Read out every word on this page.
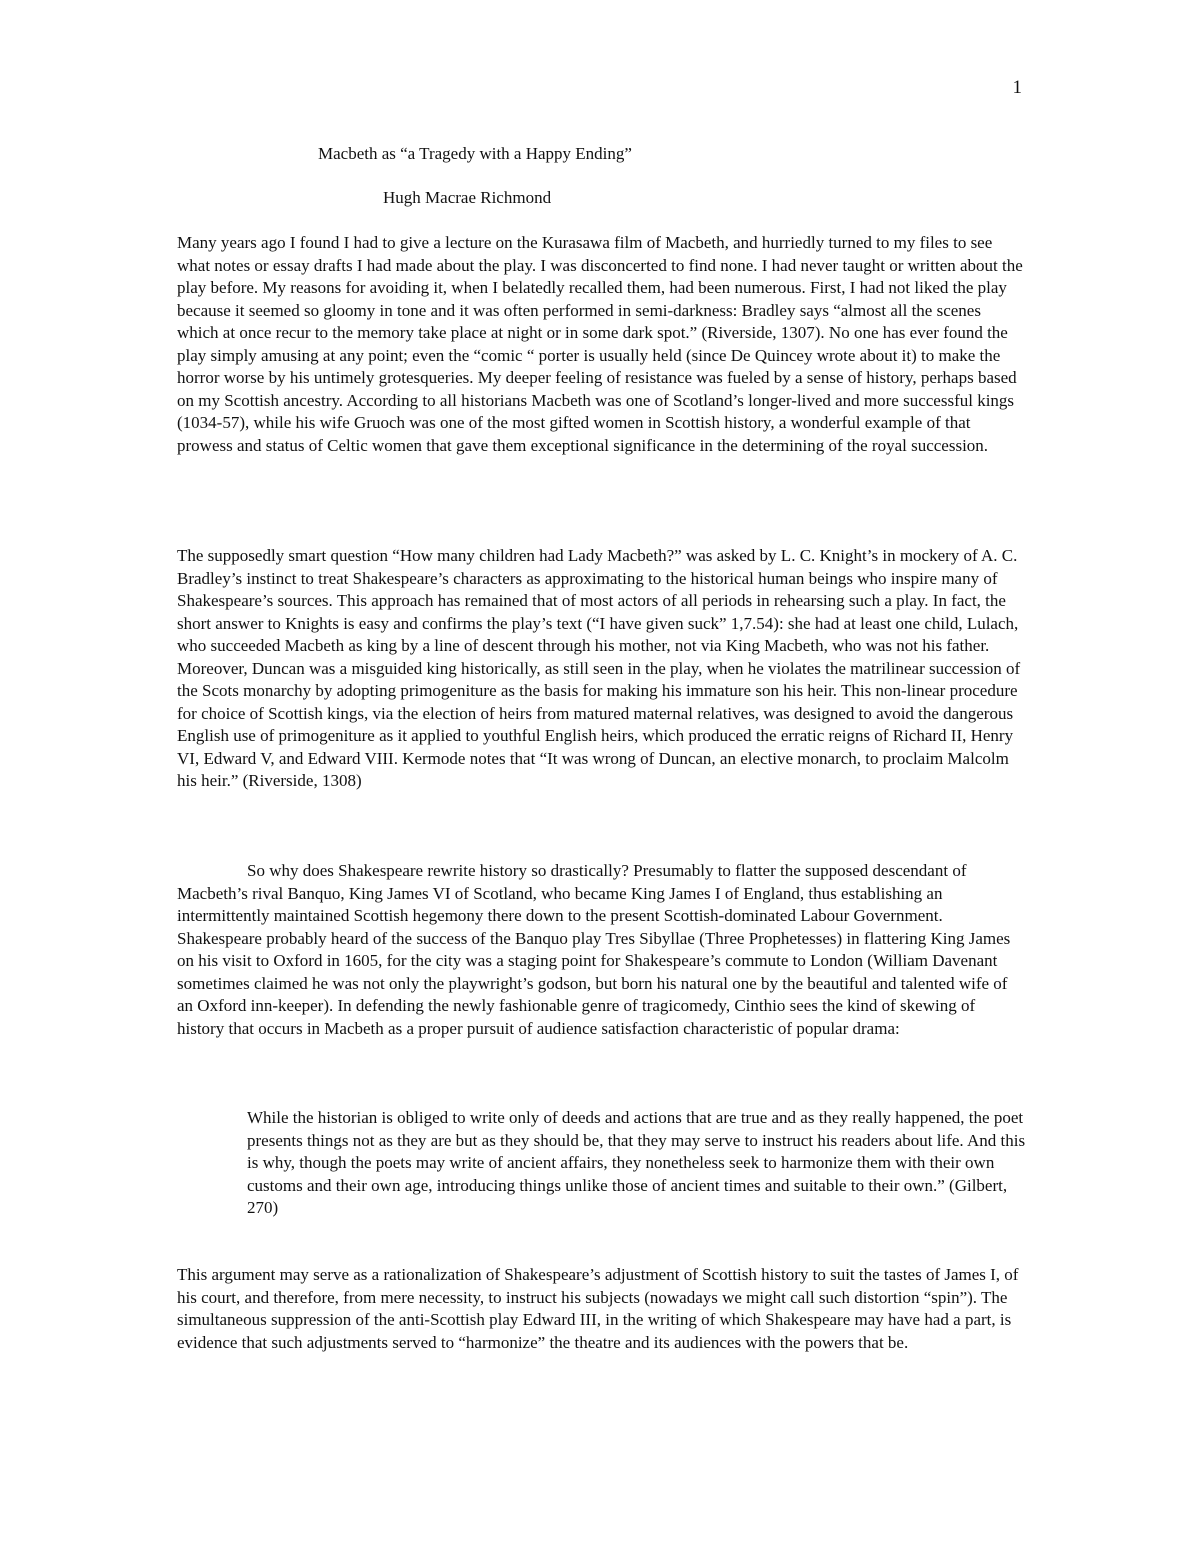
1
Macbeth as “a Tragedy with a Happy Ending”
Hugh Macrae Richmond

Many years ago I found I had to give a lecture on the Kurasawa film of Macbeth, and hurriedly turned to my files to see what notes or essay drafts I had made about the play. I was disconcerted to find none. I had never taught or written about the play before. My reasons for avoiding it, when I belatedly recalled them, had been numerous. First, I had not liked the play because it seemed so gloomy in tone and it was often performed in semi-darkness: Bradley says “almost all the scenes which at once recur to the memory take place at night or in some dark spot.” (Riverside, 1307). No one has ever found the play simply amusing at any point; even the “comic “ porter is usually held (since De Quincey wrote about it) to make the horror worse by his untimely grotesqueries. My deeper feeling of resistance was fueled by a sense of history, perhaps based on my Scottish ancestry. According to all historians Macbeth was one of Scotland’s longer-lived and more successful kings (1034-57), while his wife Gruoch was one of the most gifted women in Scottish history, a wonderful example of that prowess and status of Celtic women that gave them exceptional significance in the determining of the royal succession.

The supposedly smart question “How many children had Lady Macbeth?” was asked by L. C. Knight’s in mockery of A. C. Bradley’s instinct to treat Shakespeare’s characters as approximating to the historical human beings who inspire many of Shakespeare’s sources. This approach has remained that of most actors of all periods in rehearsing such a play. In fact, the short answer to Knights is easy and confirms the play’s text (“I have given suck” 1,7.54): she had at least one child, Lulach, who succeeded Macbeth as king by a line of descent through his mother, not via King Macbeth, who was not his father. Moreover, Duncan was a misguided king historically, as still seen in the play, when he violates the matrilinear succession of the Scots monarchy by adopting primogeniture as the basis for making his immature son his heir. This non-linear procedure for choice of Scottish kings, via the election of heirs from matured maternal relatives, was designed to avoid the dangerous English use of primogeniture as it applied to youthful English heirs, which produced the erratic reigns of Richard II, Henry VI, Edward V, and Edward VIII. Kermode notes that “It was wrong of Duncan, an elective monarch, to proclaim Malcolm his heir.” (Riverside, 1308)

So why does Shakespeare rewrite history so drastically? Presumably to flatter the supposed descendant of Macbeth’s rival Banquo, King James VI of Scotland, who became King James I of England, thus establishing an intermittently maintained Scottish hegemony there down to the present Scottish-dominated Labour Government. Shakespeare probably heard of the success of the Banquo play Tres Sibyllae (Three Prophetesses) in flattering King James on his visit to Oxford in 1605, for the city was a staging point for Shakespeare’s commute to London (William Davenant sometimes claimed he was not only the playwright’s godson, but born his natural one by the beautiful and talented wife of an Oxford inn-keeper). In defending the newly fashionable genre of tragicomedy, Cinthio sees the kind of skewing of history that occurs in Macbeth as a proper pursuit of audience satisfaction characteristic of popular drama:

While the historian is obliged to write only of deeds and actions that are true and as they really happened, the poet presents things not as they are but as they should be, that they may serve to instruct his readers about life. And this is why, though the poets may write of ancient affairs, they nonetheless seek to harmonize them with their own customs and their own age, introducing things unlike those of ancient times and suitable to their own.” (Gilbert, 270)

This argument may serve as a rationalization of Shakespeare’s adjustment of Scottish history to suit the tastes of James I, of his court, and therefore, from mere necessity, to instruct his subjects (nowadays we might call such distortion “spin”). The simultaneous suppression of the anti-Scottish play Edward III, in the writing of which Shakespeare may have had a part, is evidence that such adjustments served to “harmonize” the theatre and its audiences with the powers that be.
